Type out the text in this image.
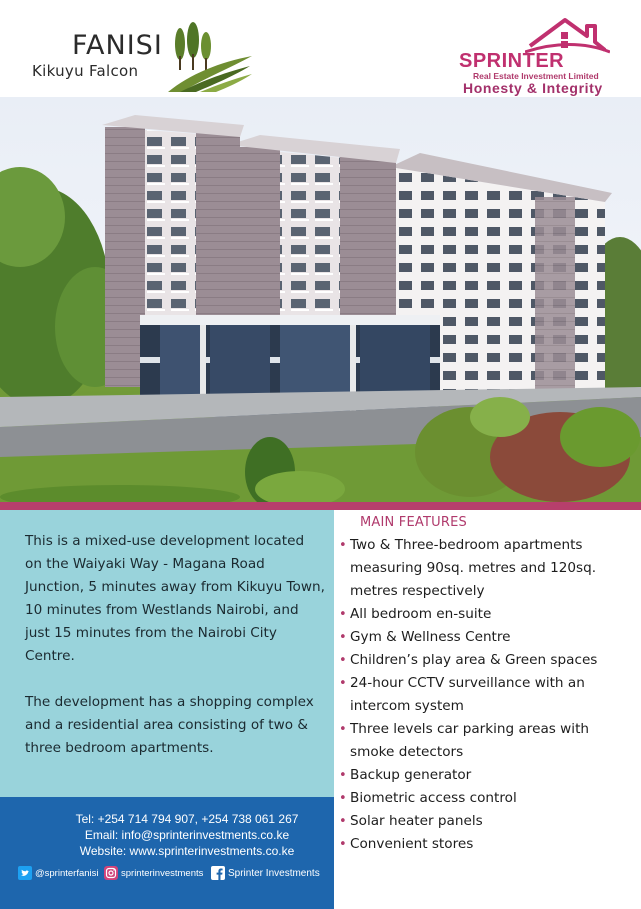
FANISI
Kikuyu Falcon	SPRINTER
Real Estate Investment Limited
Honesty & Integrity

This is a mixed-use development located on the Waiyaki Way - Magana Road Junction, 5 minutes away from Kikuyu Town, 10 minutes from Westlands Nairobi, and just 15 minutes from the Nairobi City Centre.

The development has a shopping complex and a residential area consisting of two & three bedroom apartments.

Tel: +254 714 794 907, +254 738 061 267
Email: info@sprinterinvestments.co.ke
Website: www.sprinterinvestments.co.ke
@sprinterfanisi sprinterinvestments Sprinter Investments
MAIN FEATURES
• Two & Three-bedroom apartments measuring 90sq. metres and 120sq. metres respectively
• All bedroom en-suite
• Gym & Wellness Centre
• Children’s play area & Green spaces
• 24-hour CCTV surveillance with an intercom system
• Three levels car parking areas with smoke detectors
• Backup generator
• Biometric access control
• Solar heater panels
• Convenient stores
